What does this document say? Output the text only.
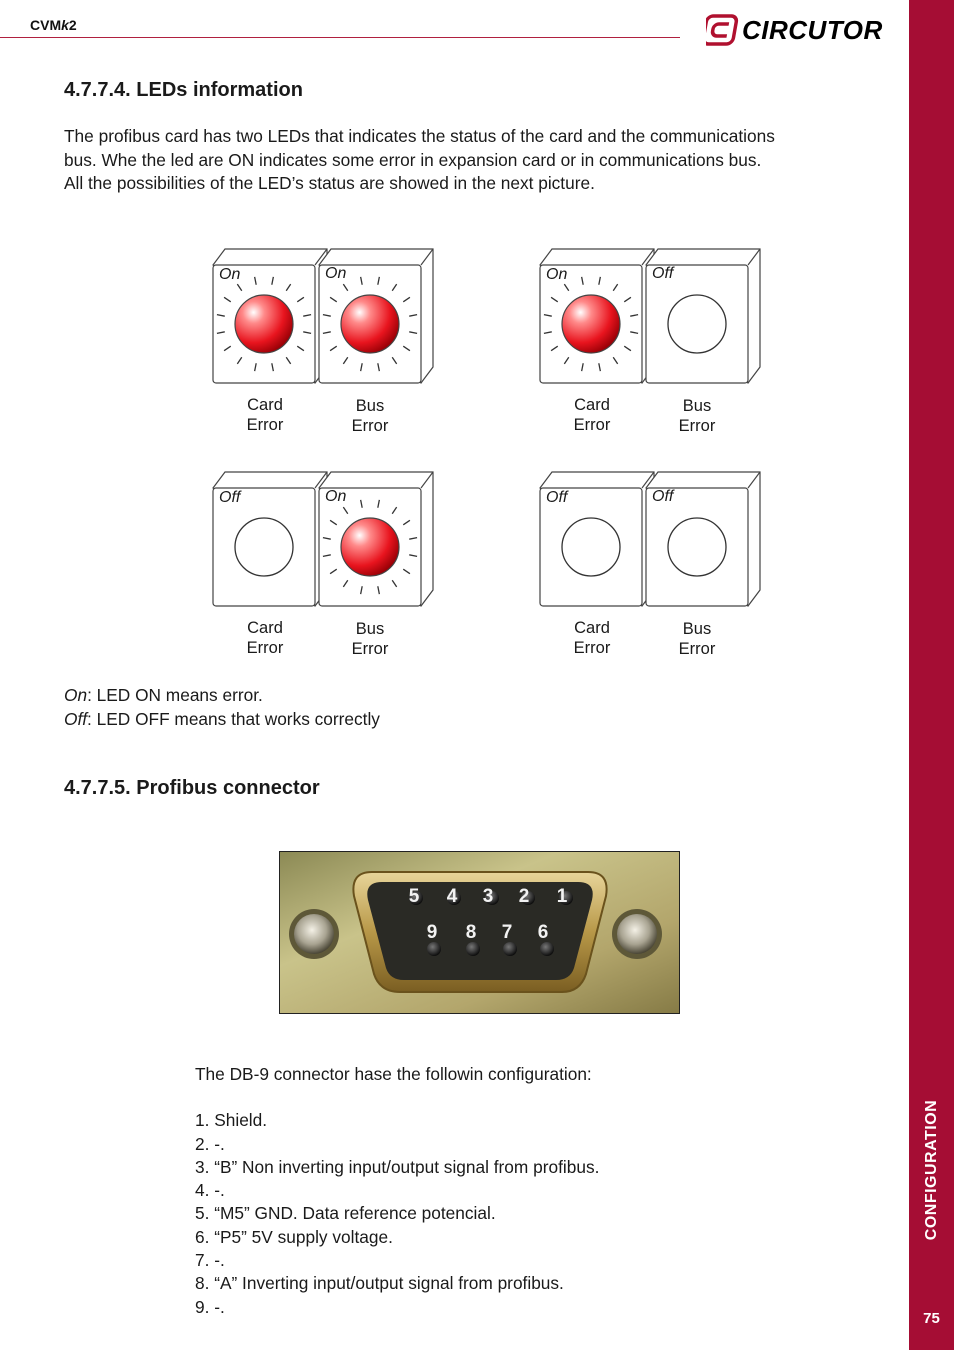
CVMk2	CIRCUTOR
CONFIGURATION
75
4.7.7.4. LEDs information

The profibus card has two LEDs that indicates the status of the card and the communications

bus. Whe the led are ON indicates some error in expansion card or in communications bus.

All the possibilities of the LED’s status are showed in the next picture.

On	On
Card
Error
Bus
Error
On	Off
Card
Error
Bus
Error
Off	On
Card
Error
Bus
Error
Off	Off
Card
Error
Bus
Error

On: LED ON means error.

Off: LED OFF means that works correctly

4.7.7.5. Profibus connector
5 4 3 2 1
9 8 7 6

The DB-9 connector hase the followin configuration:

1. Shield.

2. -.

3. “B” Non inverting input/output signal from profibus.

4. -.

5. “M5” GND. Data reference potencial.

6. “P5” 5V supply voltage.

7. -.

8. “A” Inverting input/output signal from profibus.

9. -.
